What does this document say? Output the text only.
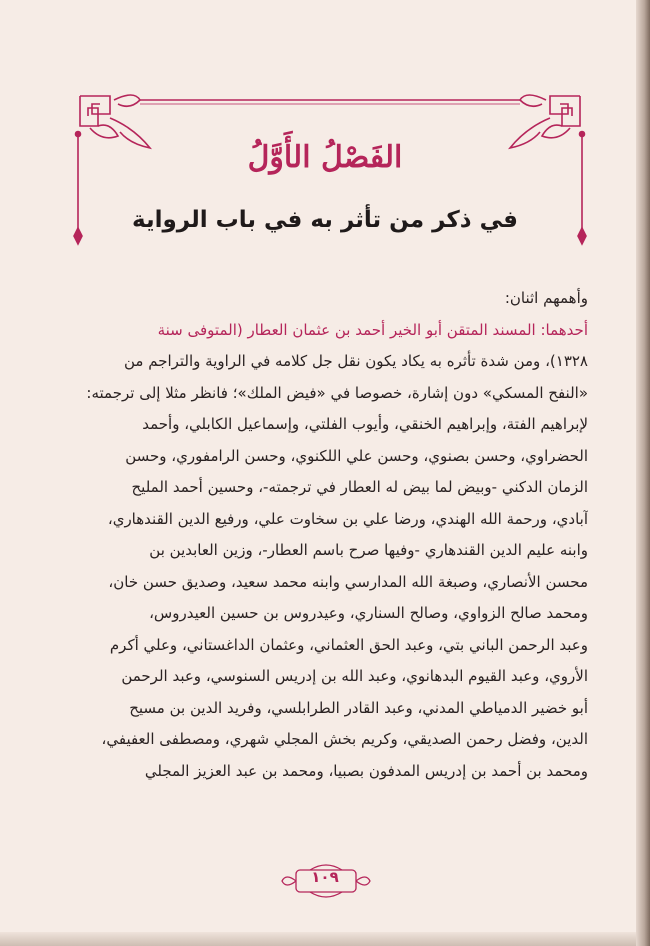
الفَصْلُ الأَوَّلُ
في ذكر من تأثر به في باب الرواية
وأهمهم اثنان:
أحدهما: المسند المتقن أبو الخير أحمد بن عثمان العطار (المتوفى سنة
١٣٢٨)، ومن شدة تأثره به يكاد يكون نقل جل كلامه في الراوية والتراجم من
«النفح المسكي» دون إشارة، خصوصا في «فيض الملك»؛ فانظر مثلا إلى ترجمته:
لإبراهيم الفتة، وإبراهيم الخنقي، وأيوب الفلتي، وإسماعيل الكابلي، وأحمد
الحضراوي، وحسن بصنوي، وحسن علي اللكنوي، وحسن الرامفوري، وحسن
الزمان الدكني -وبيض لما بيض له العطار في ترجمته-، وحسين أحمد المليح
آبادي، ورحمة الله الهندي، ورضا علي بن سخاوت علي، ورفيع الدين القندهاري،
وابنه عليم الدين القندهاري -وفيها صرح باسم العطار-، وزين العابدين بن
محسن الأنصاري، وصبغة الله المدارسي وابنه محمد سعيد، وصديق حسن خان،
ومحمد صالح الزواوي، وصالح السناري، وعيدروس بن حسين العيدروس،
وعبد الرحمن الباني بتي، وعبد الحق العثماني، وعثمان الداغستاني، وعلي أكرم
الأروي، وعبد القيوم البدهانوي، وعبد الله بن إدريس السنوسي، وعبد الرحمن
أبو خضير الدمياطي المدني، وعبد القادر الطرابلسي، وفريد الدين بن مسيح
الدين، وفضل رحمن الصديقي، وكريم بخش المجلي شهري، ومصطفى العفيفي،
ومحمد بن أحمد بن إدريس المدفون بصبيا، ومحمد بن عبد العزيز المجلي
١٠٩
